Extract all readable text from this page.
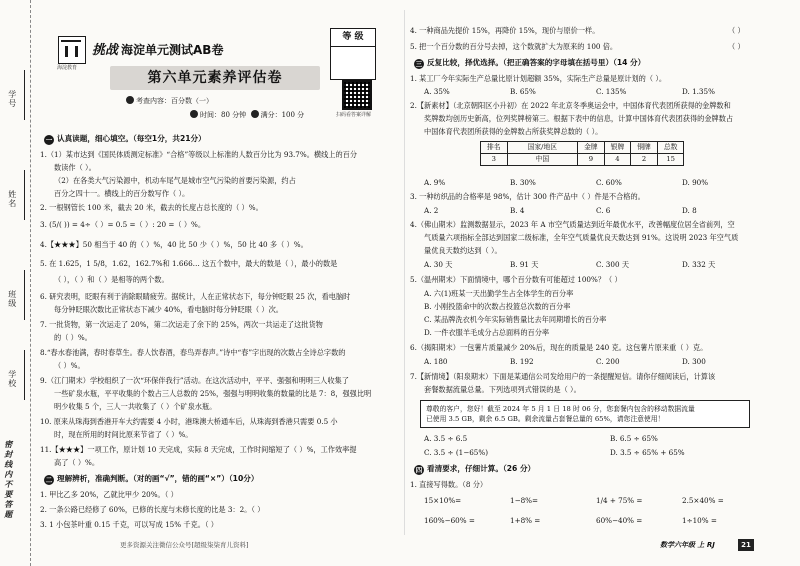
学号
姓名
班级
学校
密封线内不要答题
海淀教育
挑战 海淀单元测试AB卷
等 级
第六单元素养评估卷
考查内容：百分数（一）
时间：80 分钟 满分：100 分	扫码看答案详解
一 认真读题，细心填空。（每空1分，共21分）
1.（1）某市达到《国民体质测定标准》“合格”等级以上标准的人数百分比为 93.7%。横线上的百分
数读作（ ）。
（2）在各类大气污染源中，机动车尾气是城市空气污染的首要污染源，约占
百分之四十一。横线上的百分数写作（ ）。
2. 一根钢管长 100 米，截去 20 米，截去的长度占总长度的（ ）%。
3. (5/( )) = 4÷（ ）= 0.5 =（ ）: 20 =（ ）%。
4.【★★★】50 相当于 40 的（ ）%，40 比 50 少（ ）%，50 比 40 多（ ）%。
5. 在 1.625，1 5/8，1.62，162.7%和 1.666… 这五个数中，最大的数是（ ），最小的数是
（ ），（ ）和（ ）是相等的两个数。
6. 研究表明，眨眼有利于消除眼睛疲劳。据统计，人在正常状态下，每分钟眨眼 25 次，看电脑时
每分钟眨眼次数比正常状态下减少 40%，看电脑时每分钟眨眼（ ）次。
7. 一批货物，第一次运走了 20%，第二次运走了余下的 25%，两次一共运走了这批货物
的（ ）%。
8.“春水春池满，春时春草生。春人饮春酒，春鸟弄春声。”诗中“春”字出现的次数占全诗总字数的
（ ）%。
9.（江门期末）学校组织了一次“环保伴我行”活动。在这次活动中，平平、强强和明明三人收集了
一些矿泉水瓶，平平收集的个数占三人总数的 25%，强强与明明收集的数量的比是 7：8，强强比明
明少收集 5 个，三人一共收集了（ ）个矿泉水瓶。
10. 原来从珠海到香港开车大约需要 4 小时，港珠澳大桥通车后，从珠海到香港只需要 0.5 小
时，现在所用的时间比原来节省了（ ）%。
11.【★★★】一项工作，原计划 10 天完成，实际 8 天完成，工作时间缩短了（ ）%，工作效率提
高了（ ）%。
二 理解辨析，准确判断。（对的画“√”，错的画“×”）（10分）
1. 甲比乙多 20%，乙就比甲少 20%。（ ）
2. 一条公路已经修了 60%，已修的长度与未修长度的比是 3：2。（ ）
3. 1 小包茶叶重 0.15 千克，可以写成 15% 千克。（ ）
4. 一种商品先提价 15%，再降价 15%，现价与原价一样。	（ ）
5. 把一个百分数的百分号去掉，这个数就扩大为原来的 100 倍。	（ ）
三 反复比较，择优选择。（把正确答案的字母填在括号里）（14 分）
1. 某工厂今年实际生产总量比原计划超额 35%，实际生产总量是原计划的（ ）。
A. 35%	B. 65%	C. 135%	D. 1.35%
2.【新素材】（北京朝阳区小升初）在 2022 年北京冬季奥运会中，中国体育代表团所获得的金牌数和
奖牌数均创历史新高，位列奖牌榜第三。根据下表中的信息，计算中国体育代表团获得的金牌数占
中国体育代表团所获得的金牌数占所获奖牌总数的（ ）。
排名	国家/地区	金牌	银牌	铜牌	总数
3	中国	9	4	2	15
A. 9%	B. 30%	C. 60%	D. 90%
3. 一种纺织品的合格率是 98%，估计 300 件产品中（ ）件是不合格的。
A. 2	B. 4	C. 6	D. 8
4.（佛山期末）监测数据显示，2023 年 A 市空气质量达到近年最优水平，改善幅度位居全省前列，空
气质量六项指标全部达到国家二级标准，全年空气质量优良天数达到 91%。这说明 2023 年空气质
量优良天数约达到（ ）。
A. 30 天	B. 91 天	C. 300 天	D. 332 天
5.（温州期末）下面情境中，哪个百分数有可能超过 100%？（ ）
A. 六(1)班某一天出勤学生占全体学生的百分率
B. 小刚投篮命中的次数占投篮总次数的百分率
C. 某品牌洗衣机今年实际销售量比去年同期增长的百分率
D. 一件衣服羊毛成分占总面料的百分率
6.（揭阳期末）一包薯片质量减少 20%后，现在的质量是 240 克。这包薯片原来重（ ）克。
A. 180	B. 192	C. 200	D. 300
7.【新情境】（阳泉期末）下面是某通信公司发给用户的一条提醒短信。请你仔细阅读后，计算该
套餐数据流量总量。下列选项列式错误的是（ ）。
尊敬的客户，您好！截至 2024 年 5 月 1 日 18 时 06 分，您套餐内包含的移动数据流量
已使用 3.5 GB，剩余 6.5 GB。剩余流量占套餐总量的 65%，请您注意使用！
A. 3.5 ÷ 6.5	B. 6.5 ÷ 65%
C. 3.5 ÷ (1−65%)	D. 3.5 ÷ 65% + 65%
四 看清要求，仔细计算。（26 分）
1. 直接写得数。（8 分）
15×10%=	1−8%=	1/4 + 75% =	2.5×40% =
160%−60% =	1+8% =	60%−40% =	1÷10% =
更多资源关注微信公众号[超级柒柒育儿资料]	数学六年级 上 RJ	21
